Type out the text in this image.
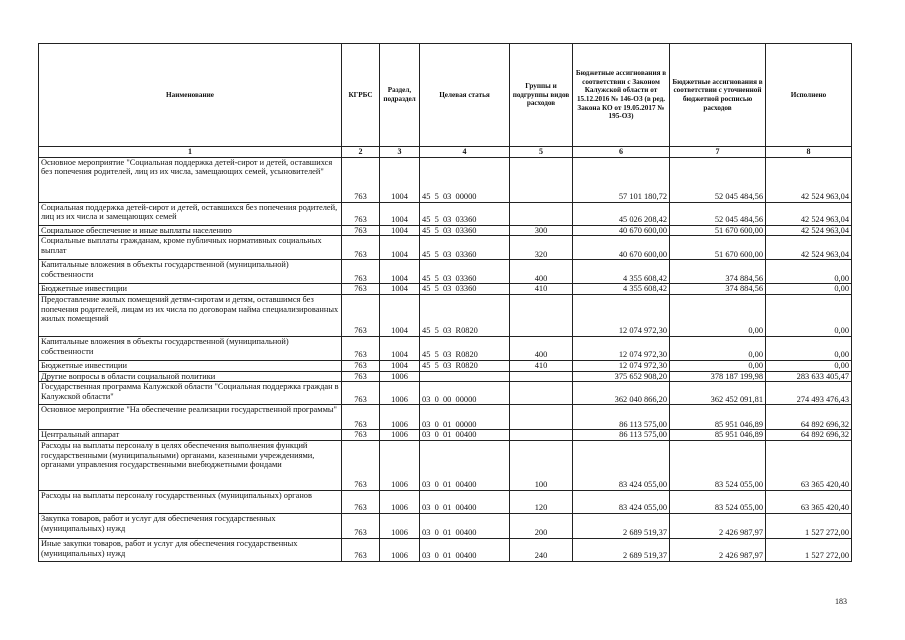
Наименование	КГРБС	Раздел, подраздел	Целевая статья	Группы и подгруппы видов расходов	Бюджетные ассигнования в соответствии с Законом Калужской области от 15.12.2016 № 146-ОЗ (в ред. Закона КО от 19.05.2017 № 195-ОЗ)	Бюджетные ассигнования в соответствии с уточненной бюджетной росписью расходов	Исполнено
1	2	3	4	5	6	7	8
Основное мероприятие "Социальная поддержка детей-сирот и детей, оставшихся без попечения родителей, лиц из их числа, замещающих семей, усыновителей"	763	1004	45  5  03  00000		57 101 180,72	52 045 484,56	42 524 963,04
Социальная поддержка детей-сирот и детей, оставшихся без попечения родителей, лиц из их числа и замещающих семей	763	1004	45  5  03  03360		45 026 208,42	52 045 484,56	42 524 963,04
Социальное обеспечение и иные выплаты населению	763	1004	45  5  03  03360	300	40 670 600,00	51 670 600,00	42 524 963,04
Социальные выплаты гражданам, кроме публичных нормативных социальных выплат	763	1004	45  5  03  03360	320	40 670 600,00	51 670 600,00	42 524 963,04
Капитальные вложения в объекты государственной (муниципальной) собственности	763	1004	45  5  03  03360	400	4 355 608,42	374 884,56	0,00
Бюджетные инвестиции	763	1004	45  5  03  03360	410	4 355 608,42	374 884,56	0,00
Предоставление жилых помещений детям-сиротам и детям, оставшимся без попечения родителей, лицам из их числа по договорам найма специализированных жилых помещений	763	1004	45  5  03  R0820		12 074 972,30	0,00	0,00
Капитальные вложения в объекты государственной (муниципальной) собственности	763	1004	45  5  03  R0820	400	12 074 972,30	0,00	0,00
Бюджетные инвестиции	763	1004	45  5  03  R0820	410	12 074 972,30	0,00	0,00
Другие вопросы в области социальной политики	763	1006			375 652 908,20	378 187 199,98	283 633 405,47
Государственная программа Калужской области "Социальная поддержка граждан в Калужской области"	763	1006	03  0  00  00000		362 040 866,20	362 452 091,81	274 493 476,43
Основное мероприятие "На обеспечение реализации государственной программы"	763	1006	03  0  01  00000		86 113 575,00	85 951 046,89	64 892 696,32
Центральный аппарат	763	1006	03  0  01  00400		86 113 575,00	85 951 046,89	64 892 696,32
Расходы на выплаты персоналу в целях обеспечения выполнения функций государственными (муниципальными) органами, казенными учреждениями, органами управления государственными внебюджетными фондами	763	1006	03  0  01  00400	100	83 424 055,00	83 524 055,00	63 365 420,40
Расходы на выплаты персоналу государственных (муниципальных) органов	763	1006	03  0  01  00400	120	83 424 055,00	83 524 055,00	63 365 420,40
Закупка товаров, работ и услуг для обеспечения государственных (муниципальных) нужд	763	1006	03  0  01  00400	200	2 689 519,37	2 426 987,97	1 527 272,00
Иные закупки товаров, работ и услуг для обеспечения государственных (муниципальных) нужд	763	1006	03  0  01  00400	240	2 689 519,37	2 426 987,97	1 527 272,00
183
